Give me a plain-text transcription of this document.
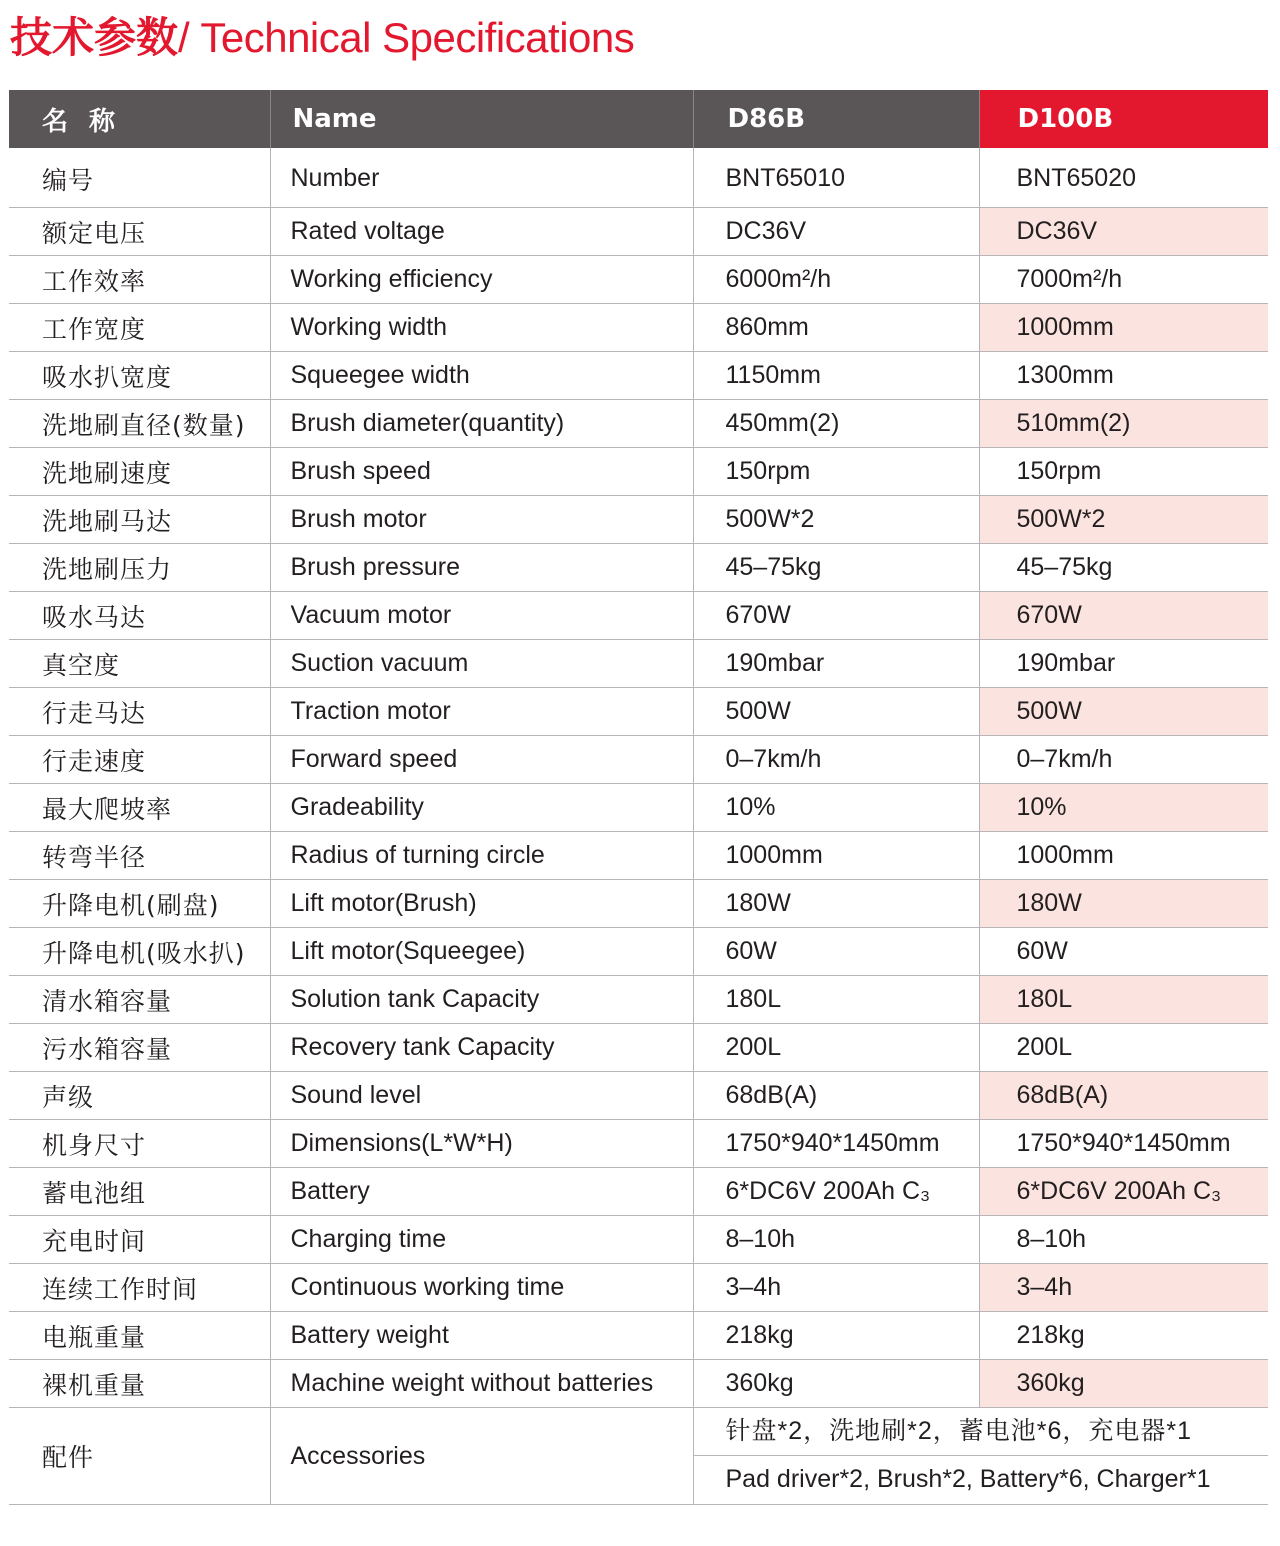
技术参数/ Technical Specifications
名 称	Name	D86B	D100B
编号	Number	BNT65010	BNT65020
额定电压	Rated voltage	DC36V	DC36V
工作效率	Working efficiency	6000m²/h	7000m²/h
工作宽度	Working width	860mm	1000mm
吸水扒宽度	Squeegee width	1150mm	1300mm
洗地刷直径(数量)	Brush diameter(quantity)	450mm(2)	510mm(2)
洗地刷速度	Brush speed	150rpm	150rpm
洗地刷马达	Brush motor	500W*2	500W*2
洗地刷压力	Brush pressure	45–75kg	45–75kg
吸水马达	Vacuum motor	670W	670W
真空度	Suction vacuum	190mbar	190mbar
行走马达	Traction motor	500W	500W
行走速度	Forward speed	0–7km/h	0–7km/h
最大爬坡率	Gradeability	10%	10%
转弯半径	Radius of turning circle	1000mm	1000mm
升降电机(刷盘)	Lift motor(Brush)	180W	180W
升降电机(吸水扒)	Lift motor(Squeegee)	60W	60W
清水箱容量	Solution tank Capacity	180L	180L
污水箱容量	Recovery tank Capacity	200L	200L
声级	Sound level	68dB(A)	68dB(A)
机身尺寸	Dimensions(L*W*H)	1750*940*1450mm	1750*940*1450mm
蓄电池组	Battery	6*DC6V 200Ah C₃	6*DC6V 200Ah C₃
充电时间	Charging time	8–10h	8–10h
连续工作时间	Continuous working time	3–4h	3–4h
电瓶重量	Battery weight	218kg	218kg
裸机重量	Machine weight without batteries	360kg	360kg
配件	Accessories	针盘*2，洗地刷*2，蓄电池*6，充电器*1
Pad driver*2, Brush*2, Battery*6, Charger*1	
